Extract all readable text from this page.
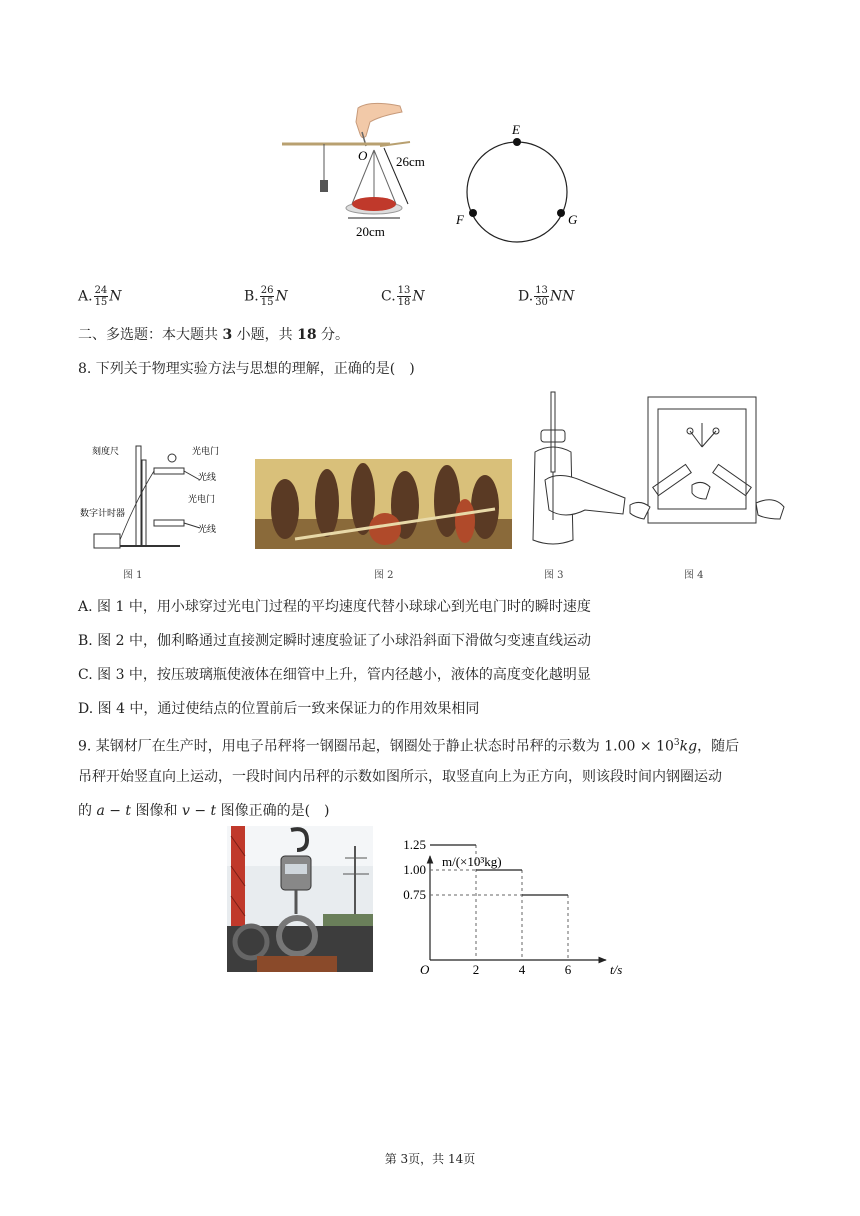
O 26cm
20cm
E
F	G
A. $\frac{24}{15}$ N	B. $\frac{26}{15}$ N	C. $\frac{13}{18}$ N	D. $\frac{13}{30}$ NN
二、多选题：本大题共 3 小题，共 18 分。
8. 下列关于物理实验方法与思想的理解，正确的是(　)
刻度尺	光电门
光线
光电门
数字计时器
光线
图 1	图 2	图 3	图 4
A. 图 1 中，用小球穿过光电门过程的平均速度代替小球球心到光电门时的瞬时速度
B. 图 2 中，伽利略通过直接测定瞬时速度验证了小球沿斜面下滑做匀变速直线运动
C. 图 3 中，按压玻璃瓶使液体在细管中上升，管内径越小，液体的高度变化越明显
D. 图 4 中，通过使结点的位置前后一致来保证力的作用效果相同
9. 某钢材厂在生产时，用电子吊秤将一钢圈吊起，钢圈处于静止状态时吊秤的示数为 $1.00 \times 10^3kg$，随后
吊秤开始竖直向上运动，一段时间内吊秤的示数如图所示，取竖直向上为正方向，则该段时间内钢圈运动
的 a − t 图像和 v − t 图像正确的是(　)
m/(×10³kg)
t/s
O
0.75
1.00
1.25
2	4	6
第 3页，共 14页
